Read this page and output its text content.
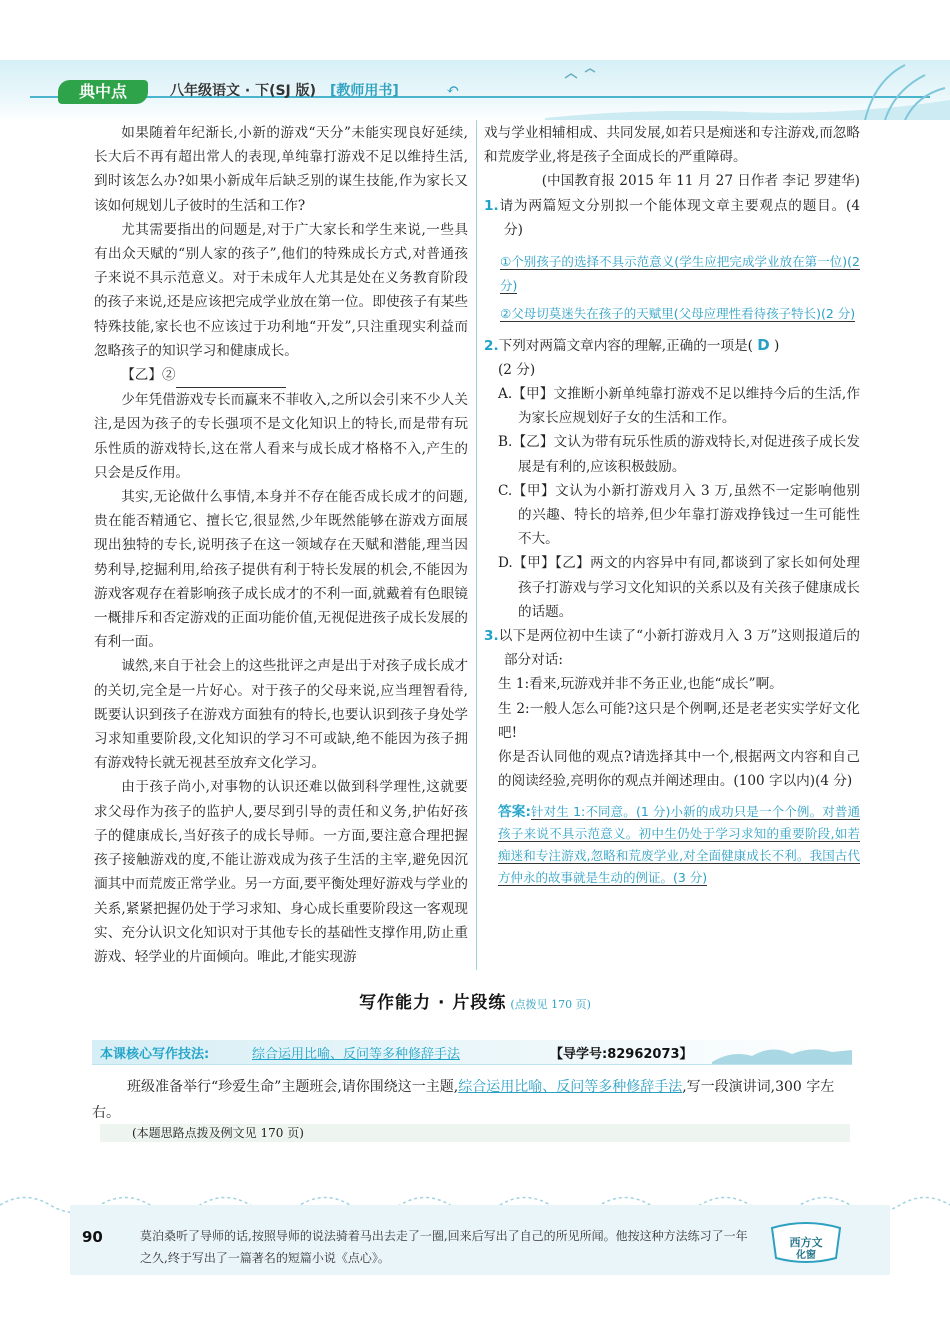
典中点	八年级语文 · 下(SJ 版) [教师用书]	↶

如果随着年纪渐长,小新的游戏“天分”未能实现良好延续,长大后不再有超出常人的表现,单纯靠打游戏不足以维持生活,到时该怎么办?如果小新成年后缺乏别的谋生技能,作为家长又该如何规划儿子彼时的生活和工作?

尤其需要指出的问题是,对于广大家长和学生来说,一些具有出众天赋的“别人家的孩子”,他们的特殊成长方式,对普通孩子来说不具示范意义。对于未成年人尤其是处在义务教育阶段的孩子来说,还是应该把完成学业放在第一位。即使孩子有某些特殊技能,家长也不应该过于功利地“开发”,只注重现实利益而忽略孩子的知识学习和健康成长。

【乙】②

少年凭借游戏专长而赢来不菲收入,之所以会引来不少人关注,是因为孩子的专长强项不是文化知识上的特长,而是带有玩乐性质的游戏特长,这在常人看来与成长成才格格不入,产生的只会是反作用。

其实,无论做什么事情,本身并不存在能否成长成才的问题,贵在能否精通它、擅长它,很显然,少年既然能够在游戏方面展现出独特的专长,说明孩子在这一领域存在天赋和潜能,理当因势利导,挖掘利用,给孩子提供有利于特长发展的机会,不能因为游戏客观存在着影响孩子成长成才的不利一面,就戴着有色眼镜一概排斥和否定游戏的正面功能价值,无视促进孩子成长发展的有利一面。

诚然,来自于社会上的这些批评之声是出于对孩子成长成才的关切,完全是一片好心。对于孩子的父母来说,应当理智看待,既要认识到孩子在游戏方面独有的特长,也要认识到孩子身处学习求知重要阶段,文化知识的学习不可或缺,绝不能因为孩子拥有游戏特长就无视甚至放弃文化学习。

由于孩子尚小,对事物的认识还难以做到科学理性,这就要求父母作为孩子的监护人,要尽到引导的责任和义务,护佑好孩子的健康成长,当好孩子的成长导师。一方面,要注意合理把握孩子接触游戏的度,不能让游戏成为孩子生活的主宰,避免因沉湎其中而荒废正常学业。另一方面,要平衡处理好游戏与学业的关系,紧紧把握仍处于学习求知、身心成长重要阶段这一客观现实、充分认识文化知识对于其他专长的基础性支撑作用,防止重游戏、轻学业的片面倾向。唯此,才能实现游

戏与学业相辅相成、共同发展,如若只是痴迷和专注游戏,而忽略和荒废学业,将是孩子全面成长的严重障碍。

(中国教育报 2015 年 11 月 27 日作者 李记 罗建华)

1.请为两篇短文分别拟一个能体现文章主要观点的题目。(4 分)

①个别孩子的选择不具示范意义(学生应把完成学业放在第一位)(2 分)

②父母切莫迷失在孩子的天赋里(父母应理性看待孩子特长)(2 分)

2.下列对两篇文章内容的理解,正确的一项是( D )

(2 分)

A.【甲】文推断小新单纯靠打游戏不足以维持今后的生活,作为家长应规划好子女的生活和工作。

B.【乙】文认为带有玩乐性质的游戏特长,对促进孩子成长发展是有利的,应该积极鼓励。

C.【甲】文认为小新打游戏月入 3 万,虽然不一定影响他别的兴趣、特长的培养,但少年靠打游戏挣钱过一生可能性不大。

D.【甲】【乙】两文的内容异中有同,都谈到了家长如何处理孩子打游戏与学习文化知识的关系以及有关孩子健康成长的话题。

3.以下是两位初中生读了“小新打游戏月入 3 万”这则报道后的部分对话:

生 1:看来,玩游戏并非不务正业,也能“成长”啊。

生 2:一般人怎么可能?这只是个例啊,还是老老实实学好文化吧!

你是否认同他的观点?请选择其中一个,根据两文内容和自己的阅读经验,亮明你的观点并阐述理由。(100 字以内)(4 分)

答案:针对生 1:不同意。(1 分)小新的成功只是一个个例。对普通孩子来说不具示范意义。初中生仍处于学习求知的重要阶段,如若痴迷和专注游戏,忽略和荒废学业,对全面健康成长不利。我国古代方仲永的故事就是生动的例证。(3 分)

写作能力 · 片段练 (点拨见 170 页)
本课核心写作技法:	综合运用比喻、反问等多种修辞手法	【导学号:82962073】

班级准备举行“珍爱生命”主题班会,请你围绕这一主题,综合运用比喻、反问等多种修辞手法,写一段演讲词,300 字左右。

(本题思路点拨及例文见 170 页)
90	莫泊桑听了导师的话,按照导师的说法骑着马出去走了一圈,回来后写出了自己的所见所闻。他按这种方法练习了一年之久,终于写出了一篇著名的短篇小说《点心》。
西方文
化窗
